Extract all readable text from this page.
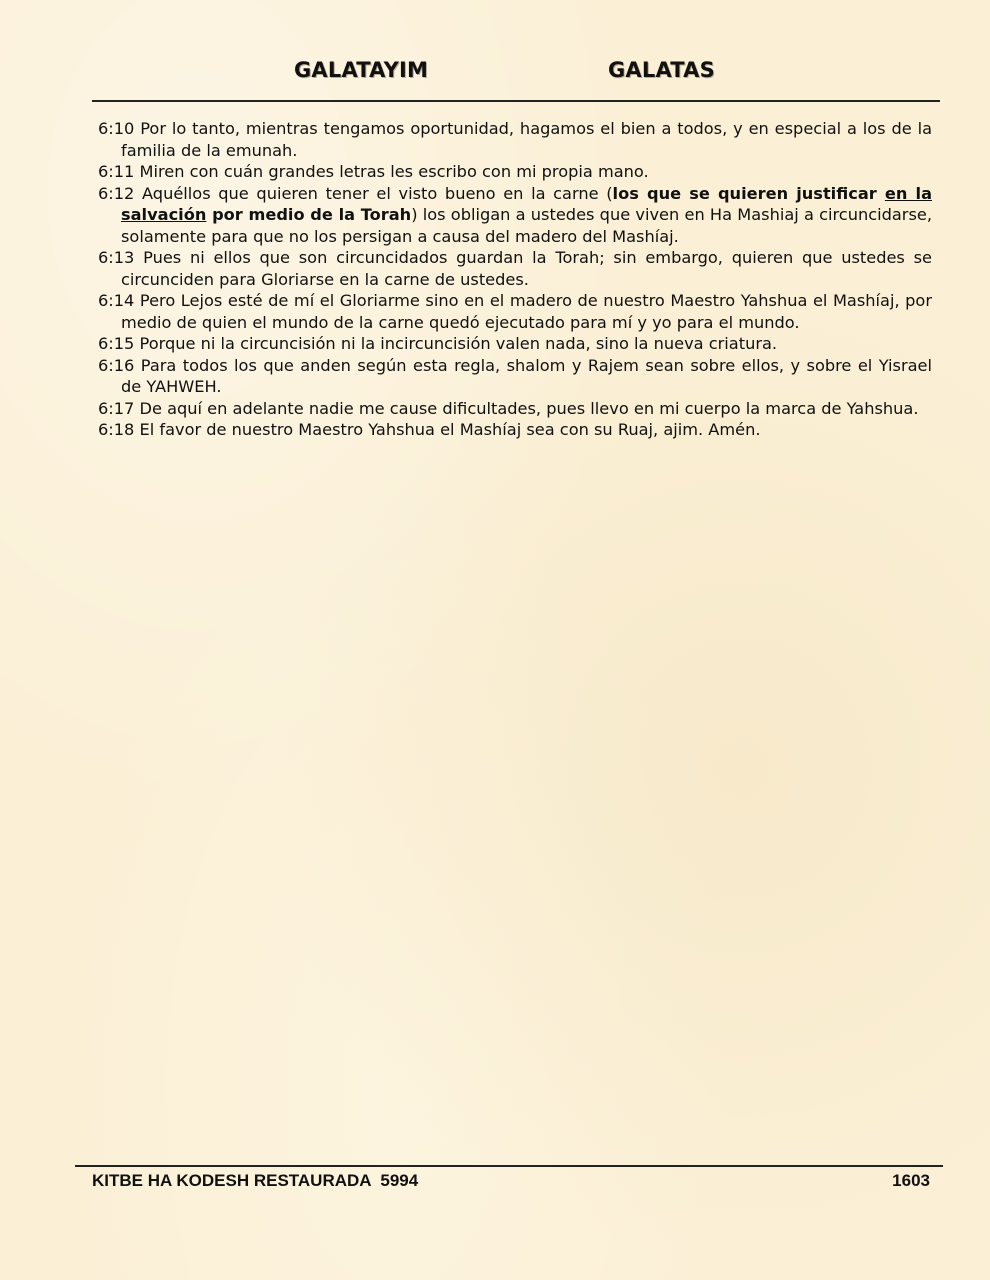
GALATAYIM	GALATAS

6:10 Por lo tanto, mientras tengamos oportunidad, hagamos el bien a todos, y en especial a los de la familia de la emunah.

6:11 Miren con cuán grandes letras les escribo con mi propia mano.

6:12 Aquéllos que quieren tener el visto bueno en la carne (los que se quieren justificar en la salvación por medio de la Torah) los obligan a ustedes que viven en Ha Mashiaj a circuncidarse, solamente para que no los persigan a causa del madero del Mashíaj.

6:13 Pues ni ellos que son circuncidados guardan la Torah; sin embargo, quieren que ustedes se circunciden para Gloriarse en la carne de ustedes.

6:14 Pero Lejos esté de mí el Gloriarme sino en el madero de nuestro Maestro Yahshua el Mashíaj, por medio de quien el mundo de la carne quedó ejecutado para mí y yo para el mundo.

6:15 Porque ni la circuncisión ni la incircuncisión valen nada, sino la nueva criatura.

6:16 Para todos los que anden según esta regla, shalom y Rajem sean sobre ellos, y sobre el Yisrael de YAHWEH.

6:17 De aquí en adelante nadie me cause dificultades, pues llevo en mi cuerpo la marca de Yahshua.

6:18 El favor de nuestro Maestro Yahshua el Mashíaj sea con su Ruaj, ajim. Amén.

KITBE HA KODESH RESTAURADA  5994	1603
